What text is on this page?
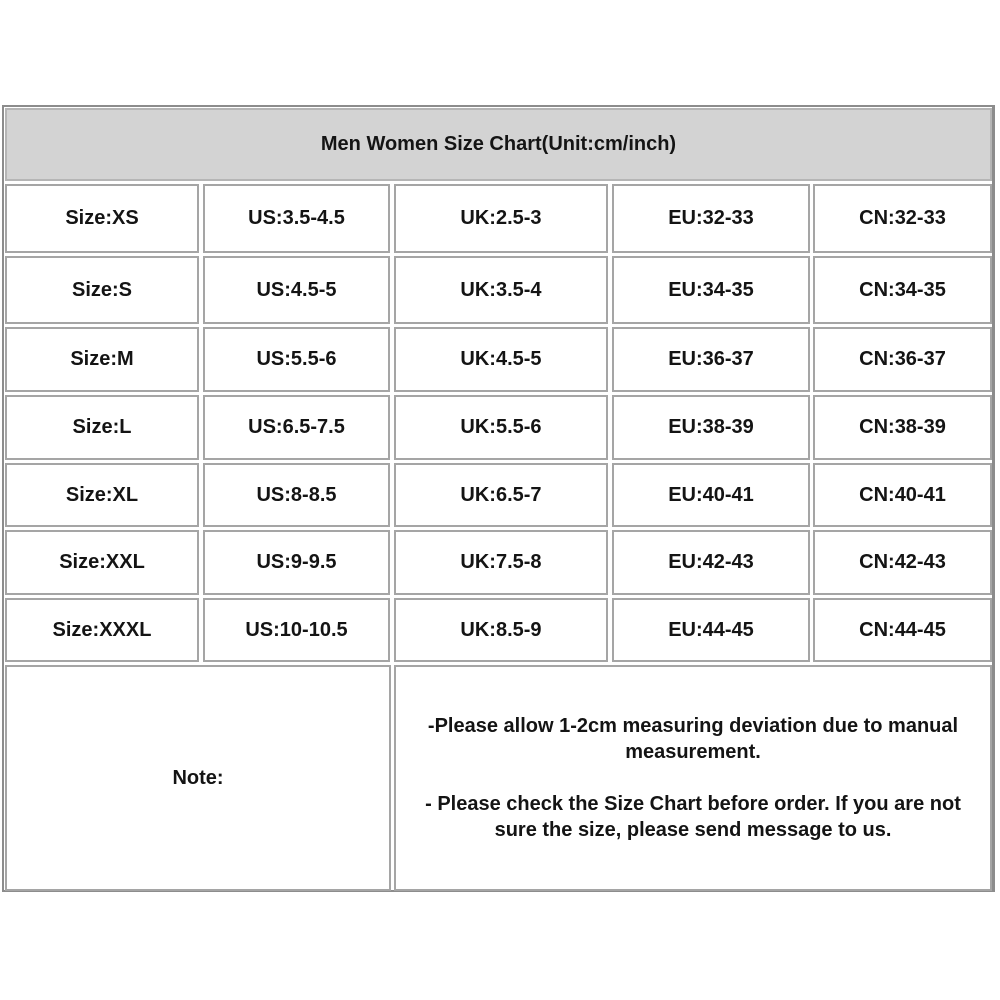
Men Women Size Chart(Unit:cm/inch)
Size:XS	US:3.5-4.5	UK:2.5-3	EU:32-33	CN:32-33
Size:S	US:4.5-5	UK:3.5-4	EU:34-35	CN:34-35
Size:M	US:5.5-6	UK:4.5-5	EU:36-37	CN:36-37
Size:L	US:6.5-7.5	UK:5.5-6	EU:38-39	CN:38-39
Size:XL	US:8-8.5	UK:6.5-7	EU:40-41	CN:40-41
Size:XXL	US:9-9.5	UK:7.5-8	EU:42-43	CN:42-43
Size:XXXL	US:10-10.5	UK:8.5-9	EU:44-45	CN:44-45
Note:

-Please allow 1-2cm measuring deviation due to manual measurement.

- Please check the Size Chart before order. If you are not sure the size, please send message to us.
